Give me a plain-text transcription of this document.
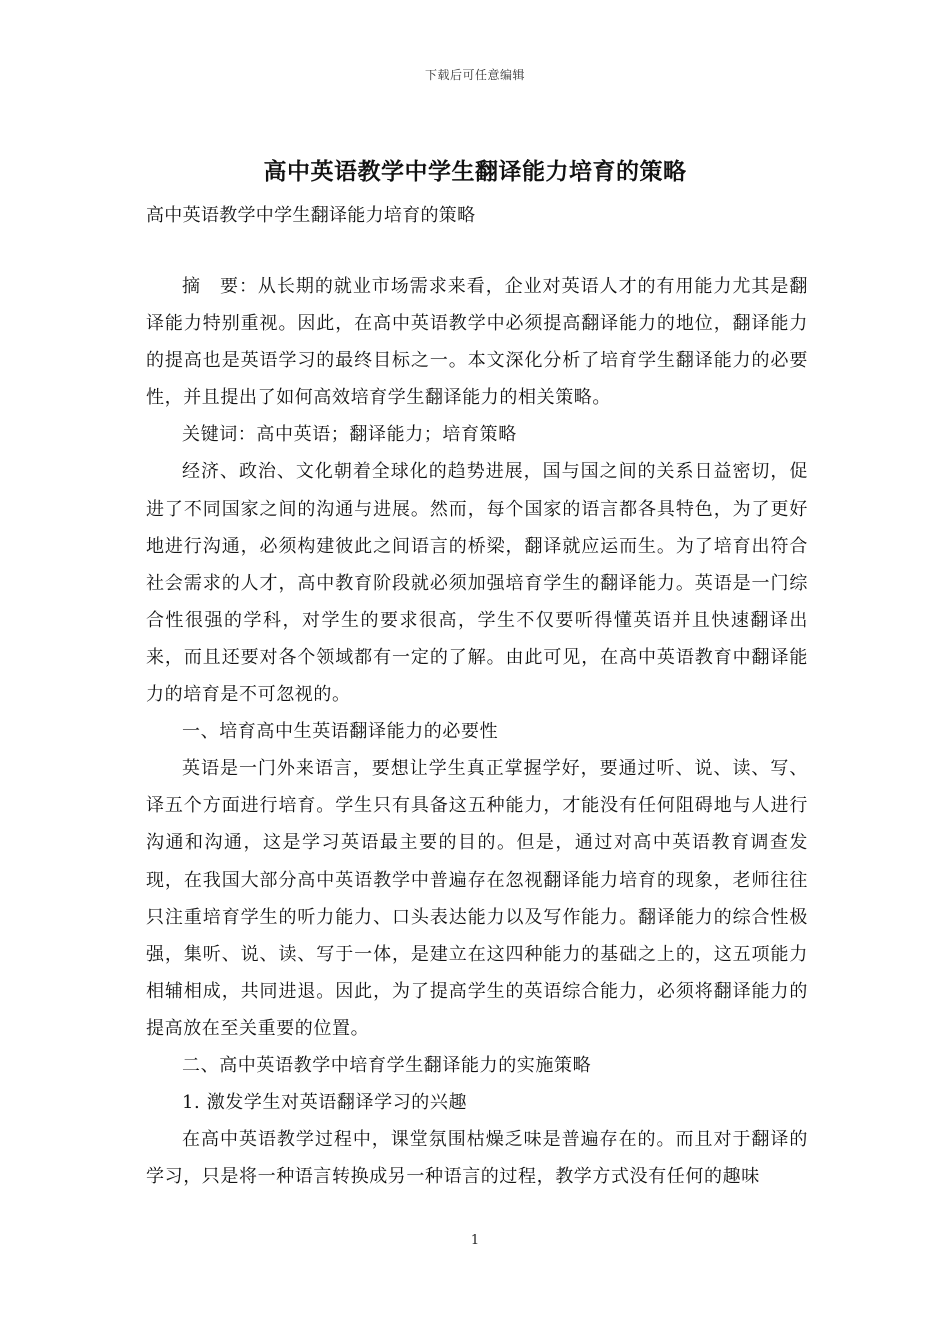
下载后可任意编辑
高中英语教学中学生翻译能力培育的策略
高中英语教学中学生翻译能力培育的策略

摘　要：从长期的就业市场需求来看，企业对英语人才的有用能力尤其是翻译能力特别重视。因此，在高中英语教学中必须提高翻译能力的地位，翻译能力的提高也是英语学习的最终目标之一。本文深化分析了培育学生翻译能力的必要性，并且提出了如何高效培育学生翻译能力的相关策略。

关键词：高中英语；翻译能力；培育策略

经济、政治、文化朝着全球化的趋势进展，国与国之间的关系日益密切，促进了不同国家之间的沟通与进展。然而，每个国家的语言都各具特色，为了更好地进行沟通，必须构建彼此之间语言的桥梁，翻译就应运而生。为了培育出符合社会需求的人才，高中教育阶段就必须加强培育学生的翻译能力。英语是一门综合性很强的学科，对学生的要求很高，学生不仅要听得懂英语并且快速翻译出来，而且还要对各个领域都有一定的了解。由此可见，在高中英语教育中翻译能力的培育是不可忽视的。

一、培育高中生英语翻译能力的必要性

英语是一门外来语言，要想让学生真正掌握学好，要通过听、说、读、写、译五个方面进行培育。学生只有具备这五种能力，才能没有任何阻碍地与人进行沟通和沟通，这是学习英语最主要的目的。但是，通过对高中英语教育调查发现，在我国大部分高中英语教学中普遍存在忽视翻译能力培育的现象，老师往往只注重培育学生的听力能力、口头表达能力以及写作能力。翻译能力的综合性极强，集听、说、读、写于一体，是建立在这四种能力的基础之上的，这五项能力相辅相成，共同进退。因此，为了提高学生的英语综合能力，必须将翻译能力的提高放在至关重要的位置。

二、高中英语教学中培育学生翻译能力的实施策略

1. 激发学生对英语翻译学习的兴趣

在高中英语教学过程中，课堂氛围枯燥乏味是普遍存在的。而且对于翻译的学习，只是将一种语言转换成另一种语言的过程，教学方式没有任何的趣味

1
